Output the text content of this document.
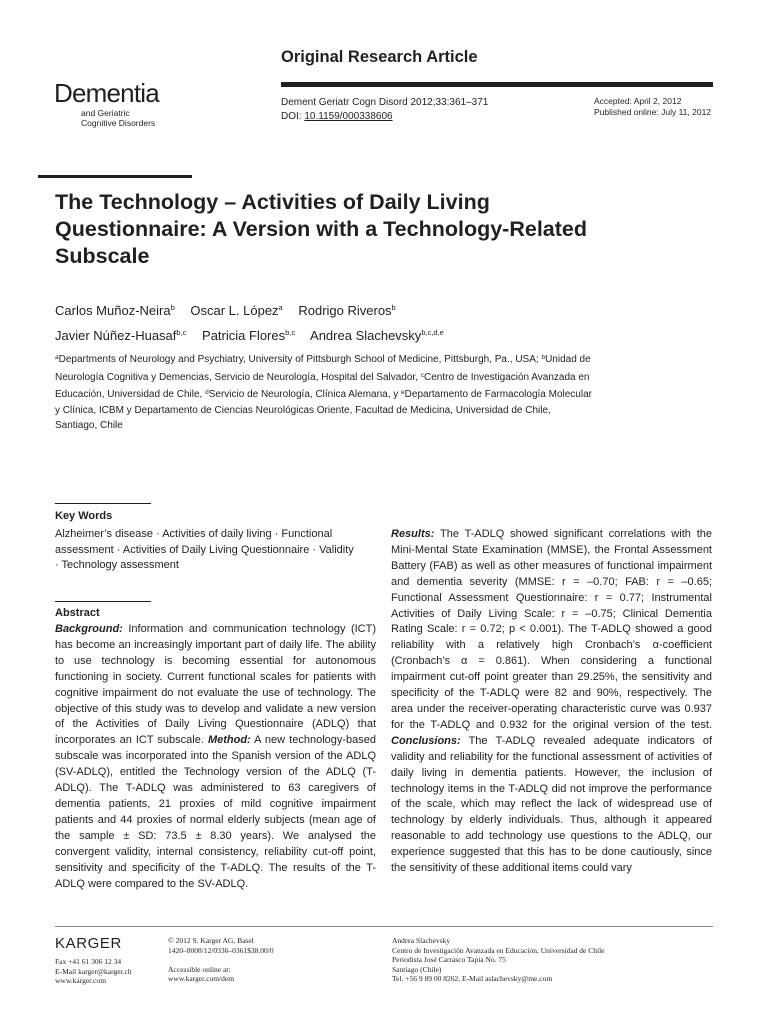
Original Research Article
Dementia
and Geriatric
Cognitive Disorders
Dement Geriatr Cogn Disord 2012;33:361–371
DOI: 10.1159/000338606
Accepted: April 2, 2012
Published online: July 11, 2012
The Technology – Activities of Daily Living Questionnaire: A Version with a Technology-Related Subscale
Carlos Muñoz-Neira$^b$ Oscar L. López$^a$ Rodrigo Riveros$^b$
Javier Núñez-Huasaf$^{b,c}$ Patricia Flores$^{b,c}$ Andrea Slachevsky$^{b,c,d,e}$
$^a$Departments of Neurology and Psychiatry, University of Pittsburgh School of Medicine, Pittsburgh, Pa., USA; $^b$Unidad de Neurología Cognitiva y Demencias, Servicio de Neurología, Hospital del Salvador, $^c$Centro de Investigación Avanzada en Educación, Universidad de Chile, $^d$Servicio de Neurología, Clínica Alemana, y $^e$Departamento de Farmacología Molecular y Clínica, ICBM y Departamento de Ciencias Neurológicas Oriente, Facultad de Medicina, Universidad de Chile, Santiago, Chile
Key Words
Alzheimer’s disease · Activities of daily living · Functional assessment · Activities of Daily Living Questionnaire · Validity · Technology assessment
Abstract
Background: Information and communication technology (ICT) has become an increasingly important part of daily life. The ability to use technology is becoming essential for autonomous functioning in society. Current functional scales for patients with cognitive impairment do not evaluate the use of technology. The objective of this study was to develop and validate a new version of the Activities of Daily Living Questionnaire (ADLQ) that incorporates an ICT subscale. Method: A new technology-based subscale was incorporated into the Spanish version of the ADLQ (SV-ADLQ), entitled the Technology version of the ADLQ (T-ADLQ). The T-ADLQ was administered to 63 caregivers of dementia patients, 21 proxies of mild cognitive impairment patients and 44 proxies of normal elderly subjects (mean age of the sample ± SD: 73.5 ± 8.30 years). We analysed the convergent validity, internal consistency, reliability cut-off point, sensitivity and specificity of the T-ADLQ. The results of the T-ADLQ were compared to the SV-ADLQ.
Results: The T-ADLQ showed significant correlations with the Mini-Mental State Examination (MMSE), the Frontal Assessment Battery (FAB) as well as other measures of functional impairment and dementia severity (MMSE: r = –0.70; FAB: r = –0.65; Functional Assessment Questionnaire: r = 0.77; Instrumental Activities of Daily Living Scale: r = –0.75; Clinical Dementia Rating Scale: r = 0.72; p < 0.001). The T-ADLQ showed a good reliability with a relatively high Cronbach’s α-coefficient (Cronbach’s α = 0.861). When considering a functional impairment cut-off point greater than 29.25%, the sensitivity and specificity of the T-ADLQ were 82 and 90%, respectively. The area under the receiver-operating characteristic curve was 0.937 for the T-ADLQ and 0.932 for the original version of the test. Conclusions: The T-ADLQ revealed adequate indicators of validity and reliability for the functional assessment of activities of daily living in dementia patients. However, the inclusion of technology items in the T-ADLQ did not improve the performance of the scale, which may reflect the lack of widespread use of technology by elderly individuals. Thus, although it appeared reasonable to add technology use questions to the ADLQ, our experience suggested that this has to be done cautiously, since the sensitivity of these additional items could vary
KARGER
Fax +41 61 306 12 34
E-Mail karger@karger.ch
www.karger.com
© 2012 S. Karger AG, Basel
1420–8008/12/0336–0361$38.00/0
Accessible online at:
www.karger.com/dem
Andrea Slachevsky
Centro de Investigación Avanzada en Educación, Universidad de Chile
Periodista José Carrasco Tapia No. 75
Santiago (Chile)
Tel. +56 9 89 00 8262, E-Mail aslachevsky@me.com
